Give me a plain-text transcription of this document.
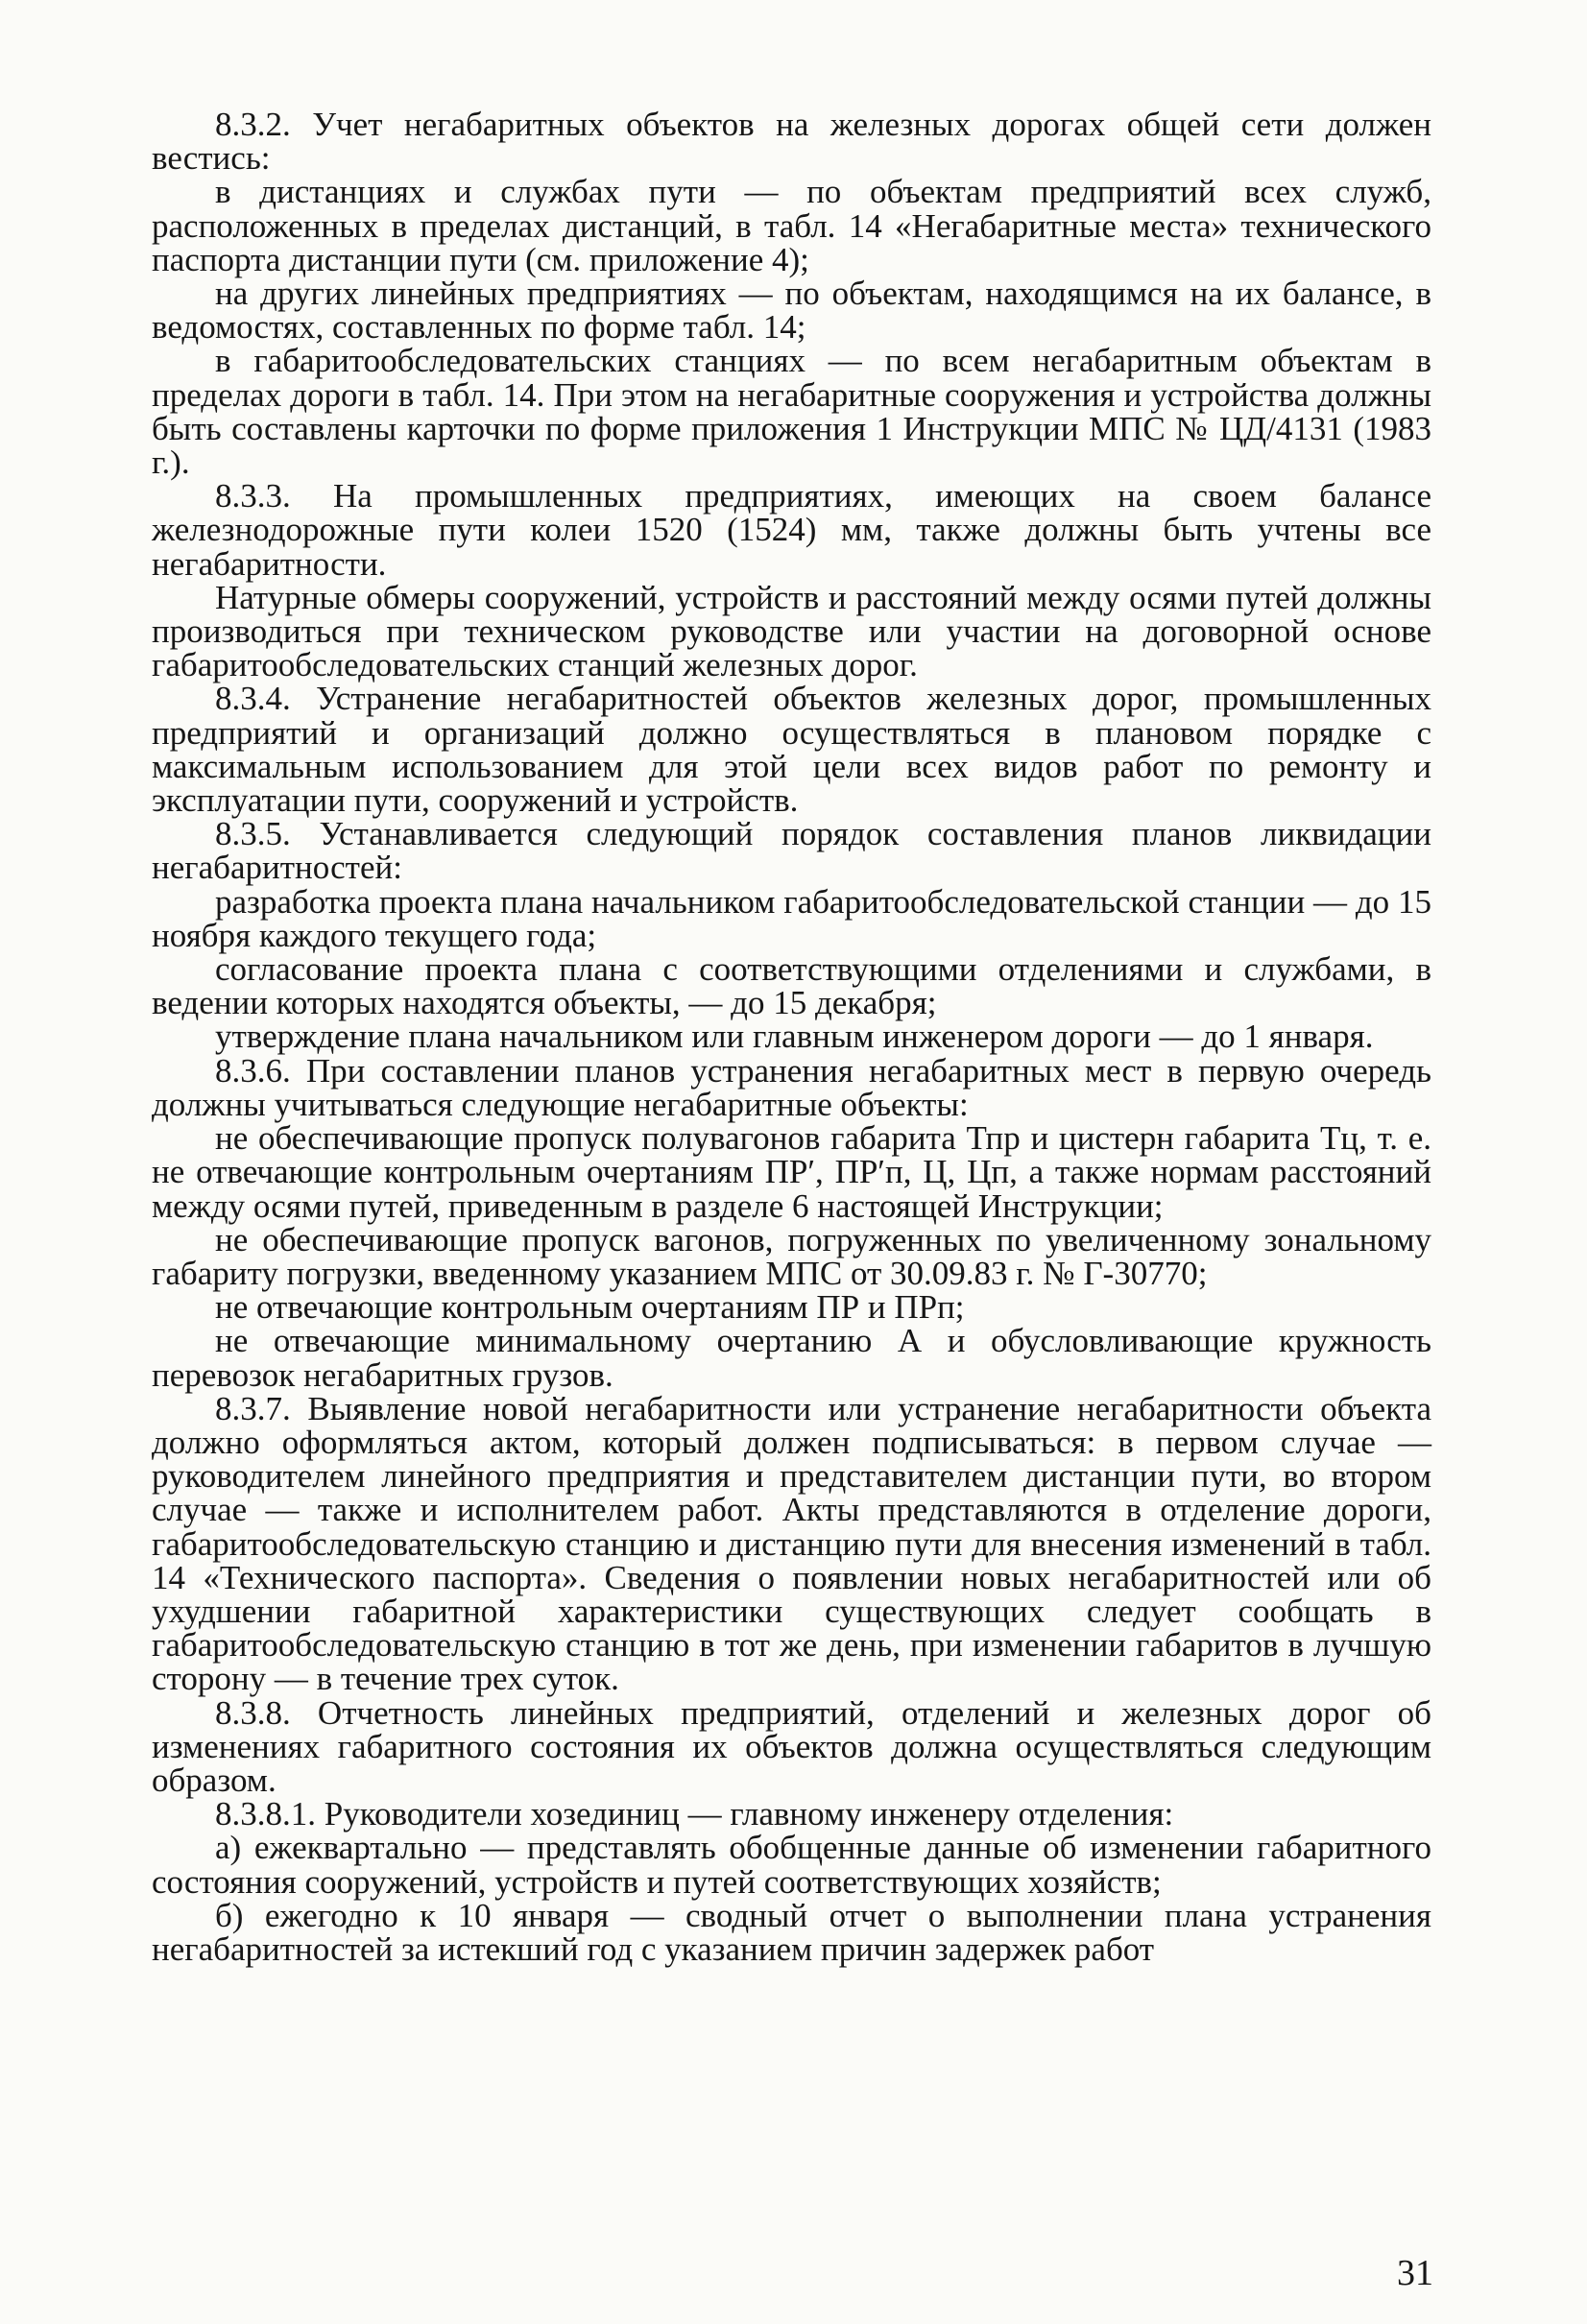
8.3.2. Учет негабаритных объектов на железных дорогах общей сети должен вестись:

в дистанциях и службах пути — по объектам предприятий всех служб, расположенных в пределах дистанций, в табл. 14 «Негабаритные места» технического паспорта дистанции пути (см. приложение 4);

на других линейных предприятиях — по объектам, находящимся на их балансе, в ведомостях, составленных по форме табл. 14;

в габаритообследовательских станциях — по всем негабаритным объектам в пределах дороги в табл. 14. При этом на негабаритные сооружения и устройства должны быть составлены карточки по форме приложения 1 Инструкции МПС № ЦД/4131 (1983 г.).

8.3.3. На промышленных предприятиях, имеющих на своем балансе железнодорожные пути колеи 1520 (1524) мм, также должны быть учтены все негабаритности.

Натурные обмеры сооружений, устройств и расстояний между осями путей должны производиться при техническом руководстве или участии на договорной основе габаритообследовательских станций железных дорог.

8.3.4. Устранение негабаритностей объектов железных дорог, промышленных предприятий и организаций должно осуществляться в плановом порядке с максимальным использованием для этой цели всех видов работ по ремонту и эксплуатации пути, сооружений и устройств.

8.3.5. Устанавливается следующий порядок составления планов ликвидации негабаритностей:

разработка проекта плана начальником габаритообследовательской станции — до 15 ноября каждого текущего года;

согласование проекта плана с соответствующими отделениями и службами, в ведении которых находятся объекты, — до 15 декабря;

утверждение плана начальником или главным инженером дороги — до 1 января.

8.3.6. При составлении планов устранения негабаритных мест в первую очередь должны учитываться следующие негабаритные объекты:

не обеспечивающие пропуск полувагонов габарита Тпр и цистерн габарита Тц, т. е. не отвечающие контрольным очертаниям ПР′, ПР′п, Ц, Цп, а также нормам расстояний между осями путей, приведенным в разделе 6 настоящей Инструкции;

не обеспечивающие пропуск вагонов, погруженных по увеличенному зональному габариту погрузки, введенному указанием МПС от 30.09.83 г. № Г-30770;

не отвечающие контрольным очертаниям ПР и ПРп;

не отвечающие минимальному очертанию А и обусловливающие кружность перевозок негабаритных грузов.

8.3.7. Выявление новой негабаритности или устранение негабаритности объекта должно оформляться актом, который должен подписываться: в первом случае — руководителем линейного предприятия и представителем дистанции пути, во втором случае — также и исполнителем работ. Акты представляются в отделение дороги, габаритообследовательскую станцию и дистанцию пути для внесения изменений в табл. 14 «Технического паспорта». Сведения о появлении новых негабаритностей или об ухудшении габаритной характеристики существующих следует сообщать в габаритообследовательскую станцию в тот же день, при изменении габаритов в лучшую сторону — в течение трех суток.

8.3.8. Отчетность линейных предприятий, отделений и железных дорог об изменениях габаритного состояния их объектов должна осуществляться следующим образом.

8.3.8.1. Руководители хозединиц — главному инженеру отделения:

а) ежеквартально — представлять обобщенные данные об изменении габаритного состояния сооружений, устройств и путей соответствующих хозяйств;

б) ежегодно к 10 января — сводный отчет о выполнении плана устранения негабаритностей за истекший год с указанием причин задержек работ

31
